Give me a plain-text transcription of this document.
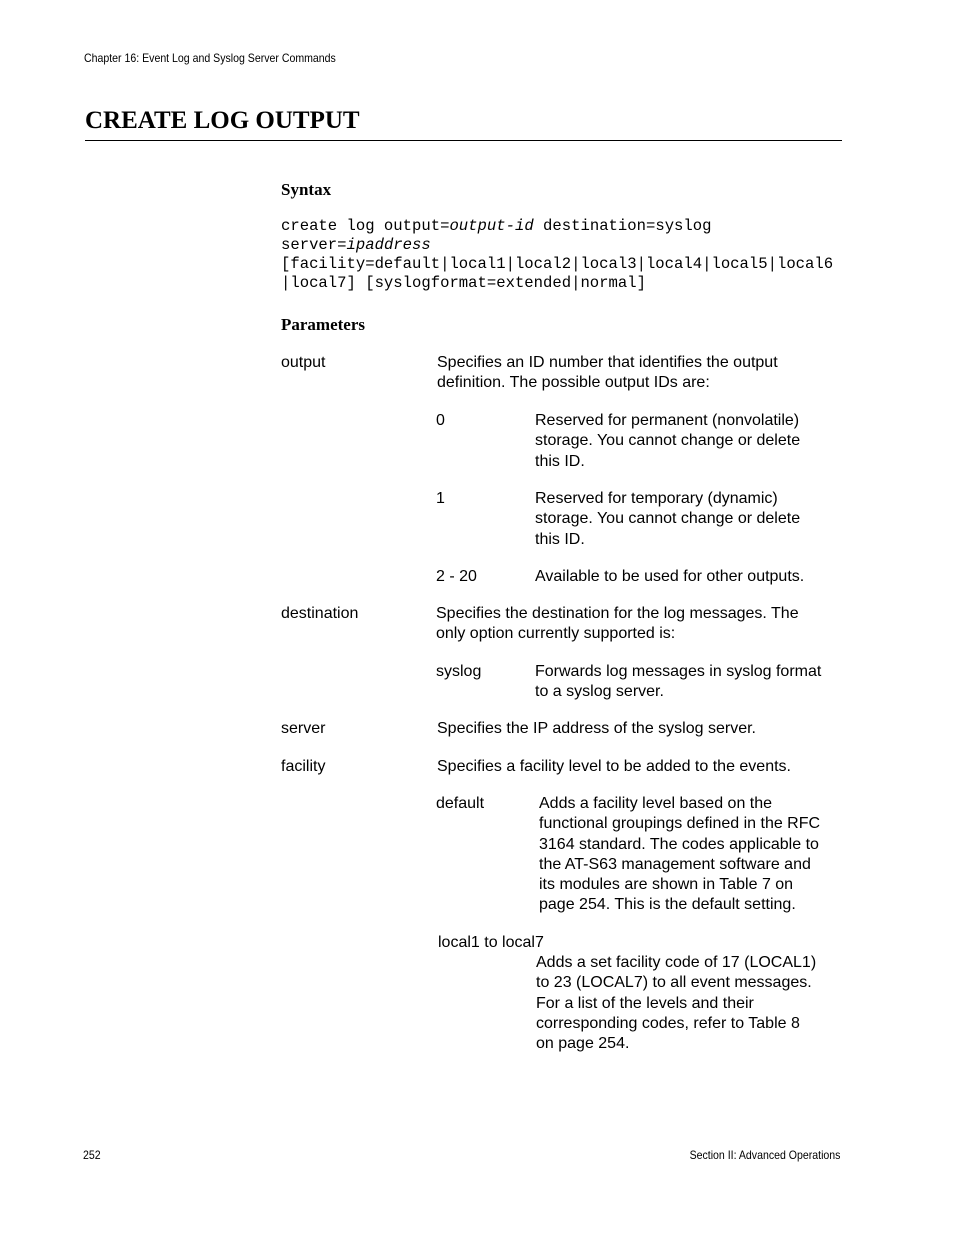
Chapter 16: Event Log and Syslog Server Commands
CREATE LOG OUTPUT
Syntax
create log output=output-id destination=syslog
server=ipaddress
[facility=default|local1|local2|local3|local4|local5|local6
|local7] [syslogformat=extended|normal]
Parameters
output	Specifies an ID number that identifies the output
definition. The possible output IDs are:
0	Reserved for permanent (nonvolatile)
storage. You cannot change or delete
this ID.
1	Reserved for temporary (dynamic)
storage. You cannot change or delete
this ID.
2 - 20	Available to be used for other outputs.
destination	Specifies the destination for the log messages. The
only option currently supported is:
syslog	Forwards log messages in syslog format
to a syslog server.
server	Specifies the IP address of the syslog server.
facility	Specifies a facility level to be added to the events.
default	Adds a facility level based on the
functional groupings defined in the RFC
3164 standard. The codes applicable to
the AT-S63 management software and
its modules are shown in Table 7 on
page 254. This is the default setting.
local1 to local7
Adds a set facility code of 17 (LOCAL1)
to 23 (LOCAL7) to all event messages.
For a list of the levels and their
corresponding codes, refer to Table 8
on page 254.
252	Section II: Advanced Operations
